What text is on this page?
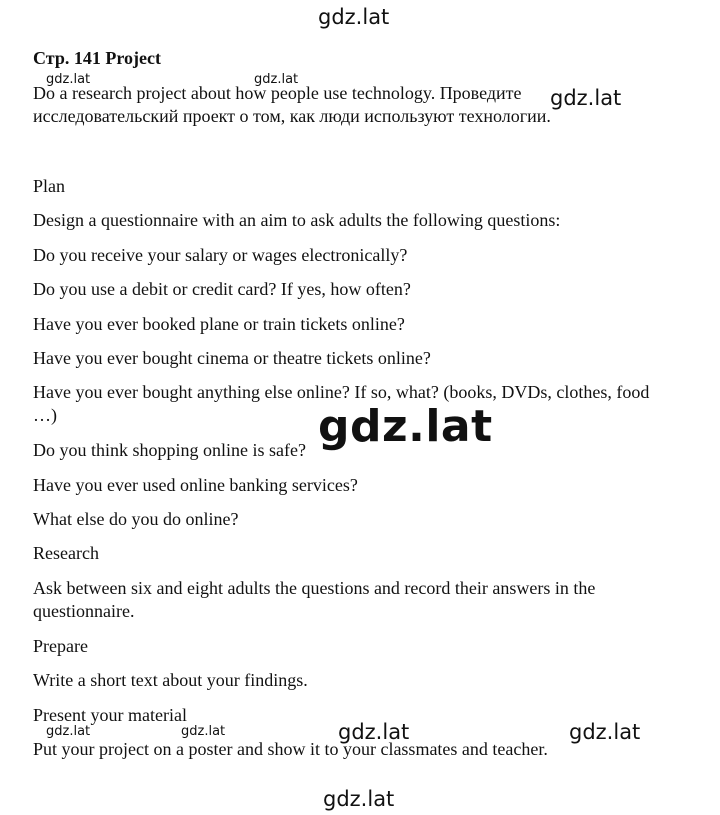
Стр. 141 Project

Do a research project about how people use technology. Проведите исследовательский проект о том, как люди используют технологии.

Plan

Design a questionnaire with an aim to ask adults the following questions:

Do you receive your salary or wages electronically?

Do you use a debit or credit card? If yes, how often?

Have you ever booked plane or train tickets online?

Have you ever bought cinema or theatre tickets online?

Have you ever bought anything else online? If so, what? (books, DVDs, clothes, food …)

Do you think shopping online is safe?

Have you ever used online banking services?

What else do you do online?

Research

Ask between six and eight adults the questions and record their answers in the questionnaire.

Prepare

Write a short text about your findings.

Present your material

Put your project on a poster and show it to your classmates and teacher.

gdz.lat
gdz.lat	gdz.lat
gdz.lat
gdz.lat
gdz.lat	gdz.lat	gdz.lat	gdz.lat
gdz.lat
